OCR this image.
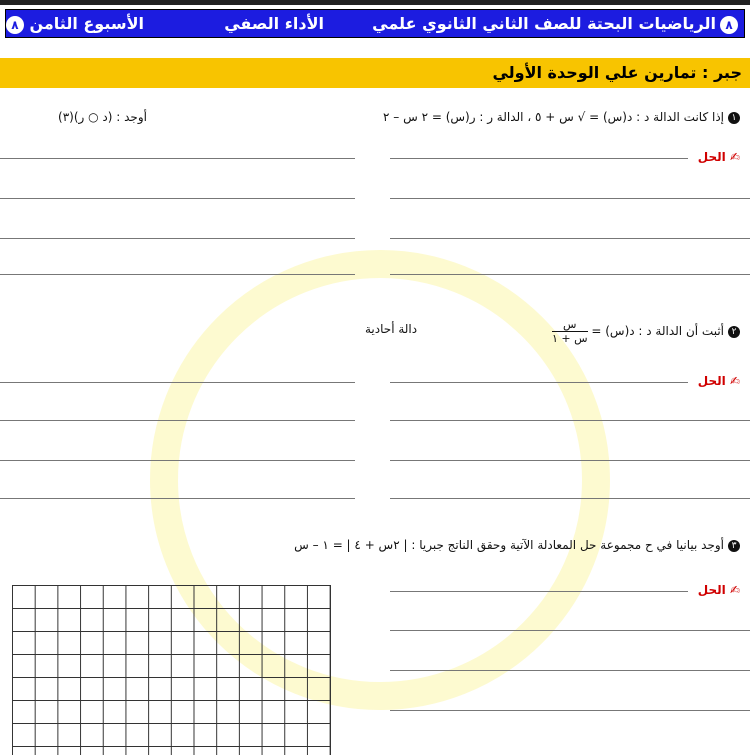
٨الرياضيات البحتة للصف الثاني الثانوي علمي
الأداء الصفي
الأسبوع الثامن ٨
جبر : تمارين علي الوحدة الأولي
١إذا كانت الدالة د : د(س) = √ س + ٥ ، الدالة ر : ر(س) = ٢ س – ٢
أوجد : (د ○ ر)(٣)
✍ الحل
٢أثبت أن الدالة د : د(س) =
$\frac{\text{س}}{\text{س + ١}}$
دالة أحادية
✍ الحل
٣أوجد بيانيا في ح مجموعة حل المعادلة الآتية وحقق الناتج جبريا : | ٢س + ٤ | = ١ – س
✍ الحل
